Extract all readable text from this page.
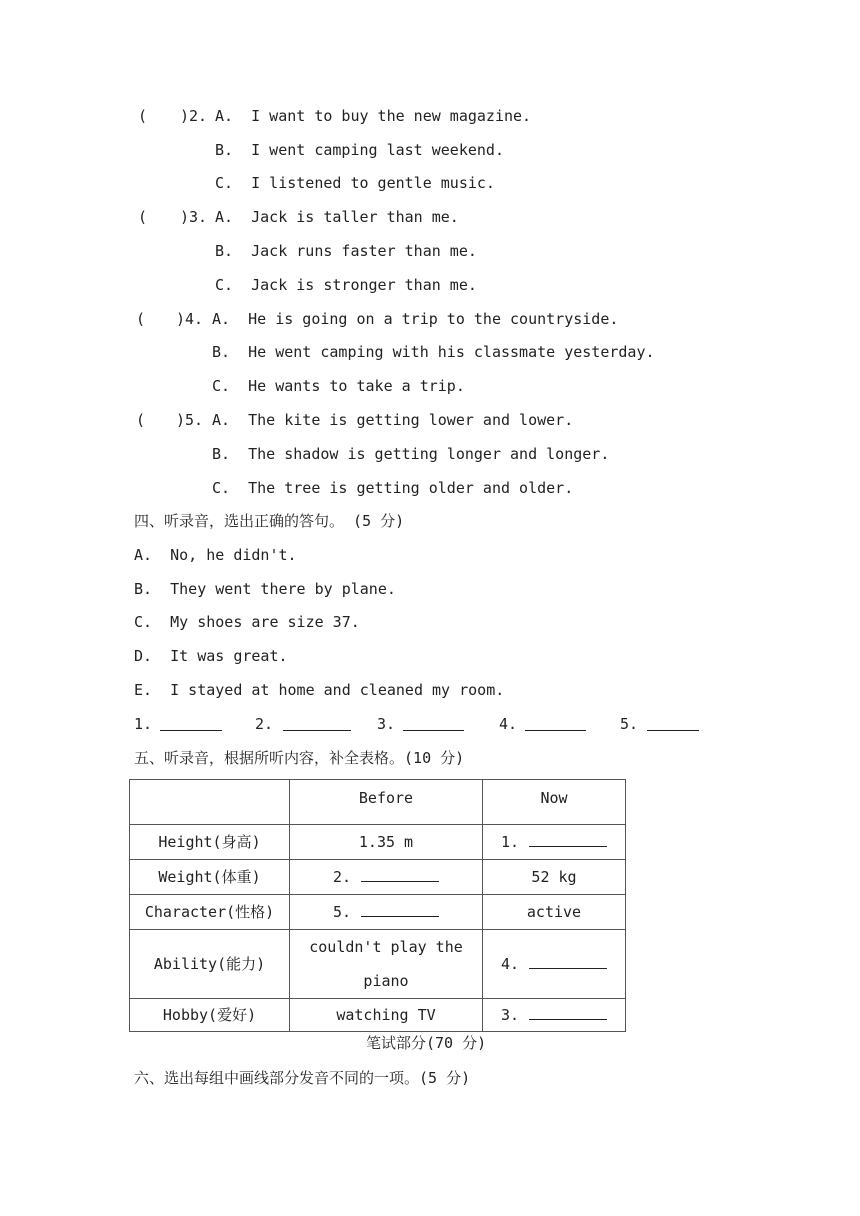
( )2. A.  I want to buy the new magazine.
B.  I went camping last weekend.
C.  I listened to gentle music.
( )3. A.  Jack is taller than me.
B.  Jack runs faster than me.
C.  Jack is stronger than me.
( )4. A.  He is going on a trip to the countryside.
B.  He went camping with his classmate yesterday.
C.  He wants to take a trip.
( )5. A.  The kite is getting lower and lower.
B.  The shadow is getting longer and longer.
C.  The tree is getting older and older.
四、听录音，选出正确的答句。 (5 分)
A.  No, he didn't.
B.  They went there by plane.
C.  My shoes are size 37.
D.  It was great.
E.  I stayed at home and cleaned my room.
1.	2.	3.	4.	5.
五、听录音，根据所听内容，补全表格。(10 分)
	Before	Now
Height(身高)	1.35 m	1.
Weight(体重)	2.	52 kg
Character(性格)	5.	active
Ability(能力)	couldn't play the piano	4.
Hobby(爱好)	watching TV	3.
笔试部分(70 分)
六、选出每组中画线部分发音不同的一项。(5 分)
